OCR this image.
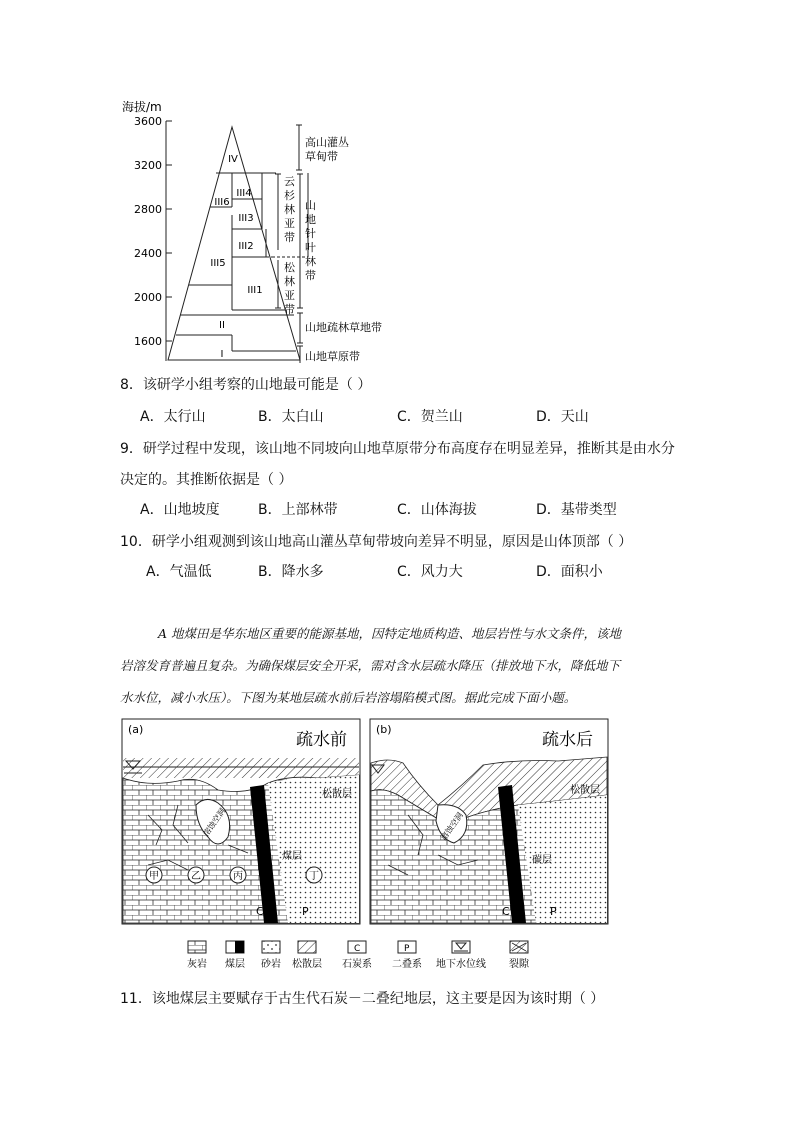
海拔/m
3600
3200
2800
2400
2000
1600
I
II
III1
III2
III3
III4
III5
III6
IV
高山灌丛
草甸带
云
杉
林
亚
带
山
地
针
叶
林
带
松
林
亚
带
山地疏林草地带
山地草原带
8．该研学小组考察的山地最可能是（ ）
A．太行山	B．太白山	C．贺兰山	D．天山
9．研学过程中发现，该山地不同坡向山地草原带分布高度存在明显差异，推断其是由水分
决定的。其推断依据是（ ）
A．山地坡度	B．上部林带	C．山体海拔	D．基带类型
10．研学小组观测到该山地高山灌丛草甸带坡向差异不明显，原因是山体顶部（ ）
A．气温低	B．降水多	C．风力大	D．面积小
A 地煤田是华东地区重要的能源基地，因特定地质构造、地层岩性与水文条件，该地
岩溶发育普遍且复杂。为确保煤层安全开采，需对含水层疏水降压（排放地下水，降低地下
水水位，减小水压）。下图为某地层疏水前后岩溶塌陷模式图。据此完成下面小题。
甲	乙	丙	丁
(a)
疏水前
松散层
溶蚀空洞
煤层
C	P
(b)
疏水后
松散层
溶蚀空洞
碳层
C	P
C	P
灰岩 煤层 砂岩 松散层 石炭系 二叠系 地下水位线 裂隙
11．该地煤层主要赋存于古生代石炭－二叠纪地层，这主要是因为该时期（ ）
